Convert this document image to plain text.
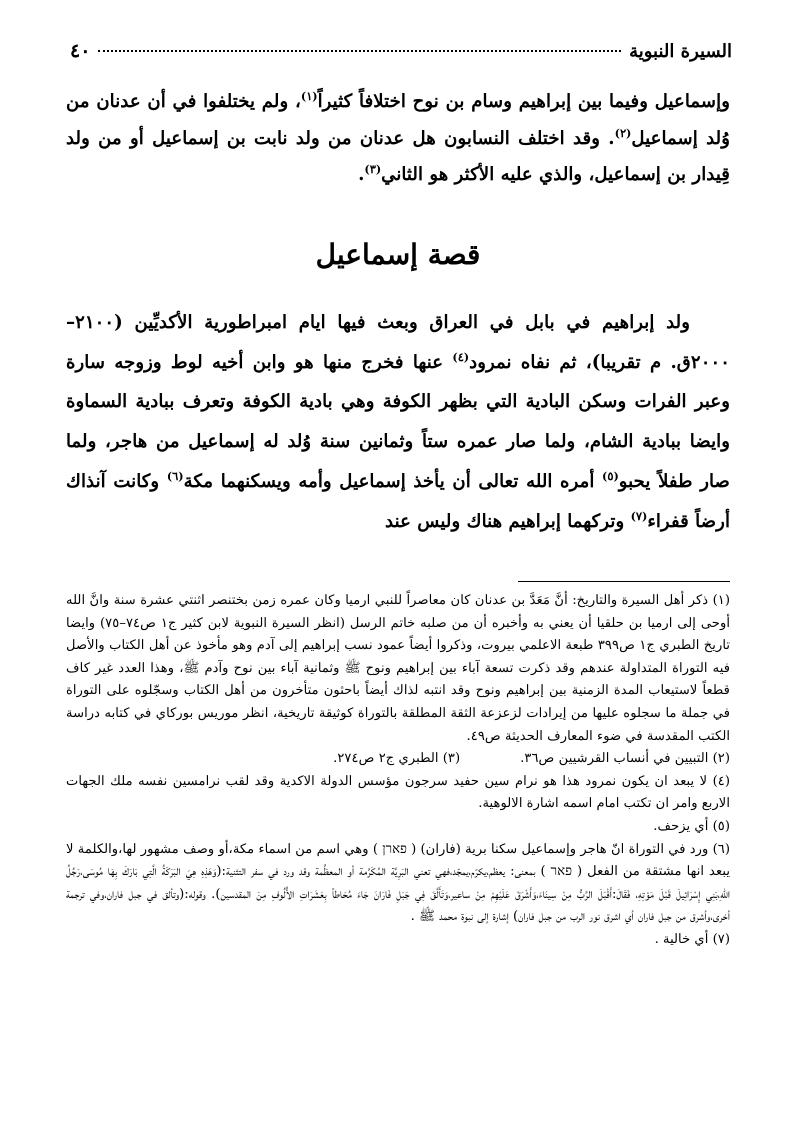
السيرة النبوية
٤٠

وإسماعيل وفيما بين إبراهيم وسام بن نوح اختلافاً كثيراً$^{(١)}$، ولم يختلفوا في أن عدنان من وُلد إسماعيل$^{(٢)}$. وقد اختلف النسابون هل عدنان من ولد نابت بن إسماعيل أو من ولد قِيدار بن إسماعيل، والذي عليه الأكثر هو الثاني$^{(٣)}$.

قصة إسماعيل

ولد إبراهيم في بابل في العراق وبعث فيها ايام امبراطورية الأكديِّين (٢١٠٠–٢٠٠٠ق. م تقريبا)، ثم نفاه نمرود$^{(٤)}$ عنها فخرج منها هو وابن أخيه لوط وزوجه سارة وعبر الفرات وسكن البادية التي بظهر الكوفة وهي بادية الكوفة وتعرف ببادية السماوة وايضا ببادية الشام، ولما صار عمره ستاً وثمانين سنة وُلد له إسماعيل من هاجر، ولما صار طفلاً يحبو$^{(٥)}$ أمره الله تعالى أن يأخذ إسماعيل وأمه ويسكنهما مكة$^{(٦)}$ وكانت آنذاك أرضاً قفراء$^{(٧)}$ وتركهما إبراهيم هناك وليس عند

(١) ذكر أهل السيرة والتاريخ: أنَّ مَعَدَّ بن عدنان كان معاصراً للنبي ارميا وكان عمره زمن بختنصر اثنتي عشرة سنة وانَّ الله أوحى إلى ارميا بن حلقيا أن يعني به وأخبره أن من صلبه خاتم الرسل (انظر السيرة النبوية لابن كثير ج١ ص٧٤–٧٥) وايضا تاريخ الطبري ج١ ص٣٩٩ طبعة الاعلمي بيروت، وذكروا أيضاً عمود نسب إبراهيم إلى آدم وهو مأخوذ عن أهل الكتاب والأصل فيه التوراة المتداولة عندهم وقد ذكرت تسعة آباء بين إبراهيم ونوح ﷺ وثمانية آباء بين نوح وآدم ﷺ، وهذا العدد غير كاف قطعاً لاستيعاب المدة الزمنية بين إبراهيم ونوح وقد انتبه لذاك أيضاً باحثون متأخرون من أهل الكتاب وسجّلوه على التوراة في جملة ما سجلوه عليها من إيرادات لزعزعة الثقة المطلقة بالتوراة كوثيقة تاريخية، انظر موريس بوركاي في كتابه دراسة الكتب المقدسة في ضوء المعارف الحديثة ص٤٩.

(٢) التبيين في أنساب القرشيين ص٣٦.
(٣) الطبري ج٢ ص٢٧٤.

(٤) لا يبعد ان يكون نمرود هذا هو نرام سين حفيد سرجون مؤسس الدولة الاكدية وقد لقب نرامسين نفسه ملك الجهات الاربع وامر ان تكتب امام اسمه اشارة الالوهية.

(٥) أي يزحف.

(٦) ورد في التوراة انّ هاجر وإسماعيل سكنا برية (فاران) ( פארן ) وهي اسم من اسماء مكة،أو وصف مشهور لها،والكلمة لا يبعد انها مشتقة من الفعل ( פאר ) بمعنى: يعظم،يكرّم،يمجّد،فهي تعني البَرِيَّة المُكَرَّمة أو المعظَّمة وقد ورد في سفر التثنية:(وَهَذِهِ هِيَ البَرَكَةُ الَّتِي بَارَكَ بِهَا مُوسَى،رَجُلُ اللهِ،بَنِي إِسْرَائِيلَ قَبْلَ مَوْتِهِ، فَقَالَ:أَقْبَلَ الرَّبُّ مِنْ سِينَاءَ،وَأَشْرَقَ عَلَيْهِمْ مِنْ ساعير،وَتَأَلَّقَ فِي جَبَلِ فَارَانَ جَاءَ مُحَاطاً بِعَشَرَاتِ الأُلُوفِ مِنَ المقدسين). وقوله:(وتألق في جبل فاران،وفي ترجمة أخرى،وأشرق من جبل فاران أي اشرق نور الرب من جبل فاران) إشارة إلى نبوة محمد ﷺ .

(٧) أي خالية .
